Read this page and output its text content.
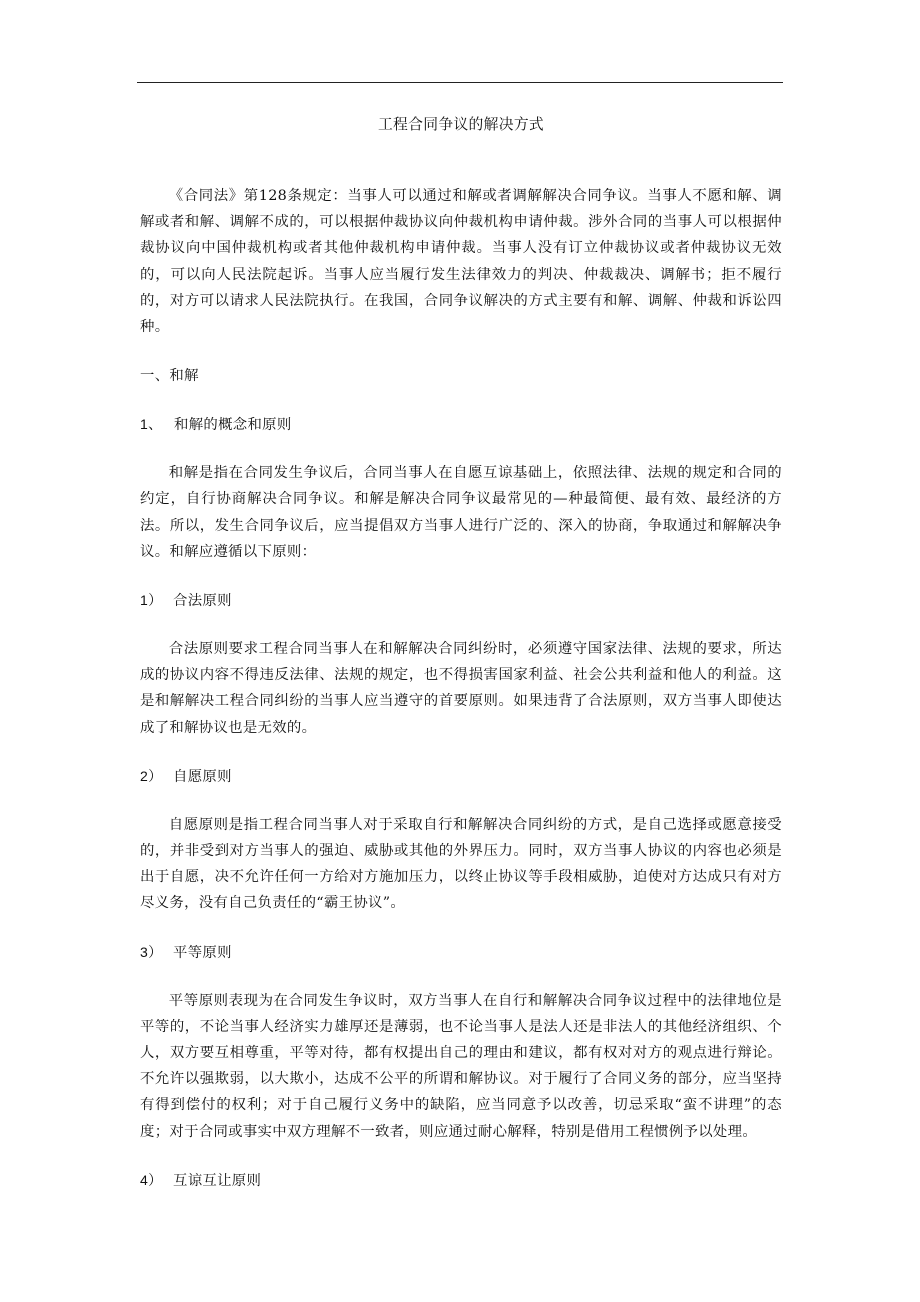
工程合同争议的解决方式

《合同法》第128条规定：当事人可以通过和解或者调解解决合同争议。当事人不愿和解、调解或者和解、调解不成的，可以根据仲裁协议向仲裁机构申请仲裁。涉外合同的当事人可以根据仲裁协议向中国仲裁机构或者其他仲裁机构申请仲裁。当事人没有订立仲裁协议或者仲裁协议无效的，可以向人民法院起诉。当事人应当履行发生法律效力的判决、仲裁裁决、调解书；拒不履行的，对方可以请求人民法院执行。在我国，合同争议解决的方式主要有和解、调解、仲裁和诉讼四种。

一、和解

1、 和解的概念和原则

和解是指在合同发生争议后，合同当事人在自愿互谅基础上，依照法律、法规的规定和合同的约定，自行协商解决合同争议。和解是解决合同争议最常见的—种最简便、最有效、最经济的方法。所以，发生合同争议后，应当提倡双方当事人进行广泛的、深入的协商，争取通过和解解决争议。和解应遵循以下原则：

1） 合法原则

合法原则要求工程合同当事人在和解解决合同纠纷时，必须遵守国家法律、法规的要求，所达成的协议内容不得违反法律、法规的规定，也不得损害国家利益、社会公共利益和他人的利益。这是和解解决工程合同纠纷的当事人应当遵守的首要原则。如果违背了合法原则，双方当事人即使达成了和解协议也是无效的。

2） 自愿原则

自愿原则是指工程合同当事人对于采取自行和解解决合同纠纷的方式，是自己选择或愿意接受的，并非受到对方当事人的强迫、威胁或其他的外界压力。同时，双方当事人协议的内容也必须是出于自愿，决不允许任何一方给对方施加压力，以终止协议等手段相威胁，迫使对方达成只有对方尽义务，没有自己负责任的“霸王协议”。

3） 平等原则

平等原则表现为在合同发生争议时，双方当事人在自行和解解决合同争议过程中的法律地位是平等的，不论当事人经济实力雄厚还是薄弱，也不论当事人是法人还是非法人的其他经济组织、个人，双方要互相尊重，平等对待，都有权提出自己的理由和建议，都有权对对方的观点进行辩论。不允许以强欺弱，以大欺小，达成不公平的所谓和解协议。对于履行了合同义务的部分，应当坚持有得到偿付的权利；对于自己履行义务中的缺陷，应当同意予以改善，切忌采取“蛮不讲理”的态度；对于合同或事实中双方理解不一致者，则应通过耐心解释，特别是借用工程惯例予以处理。

4） 互谅互让原则
